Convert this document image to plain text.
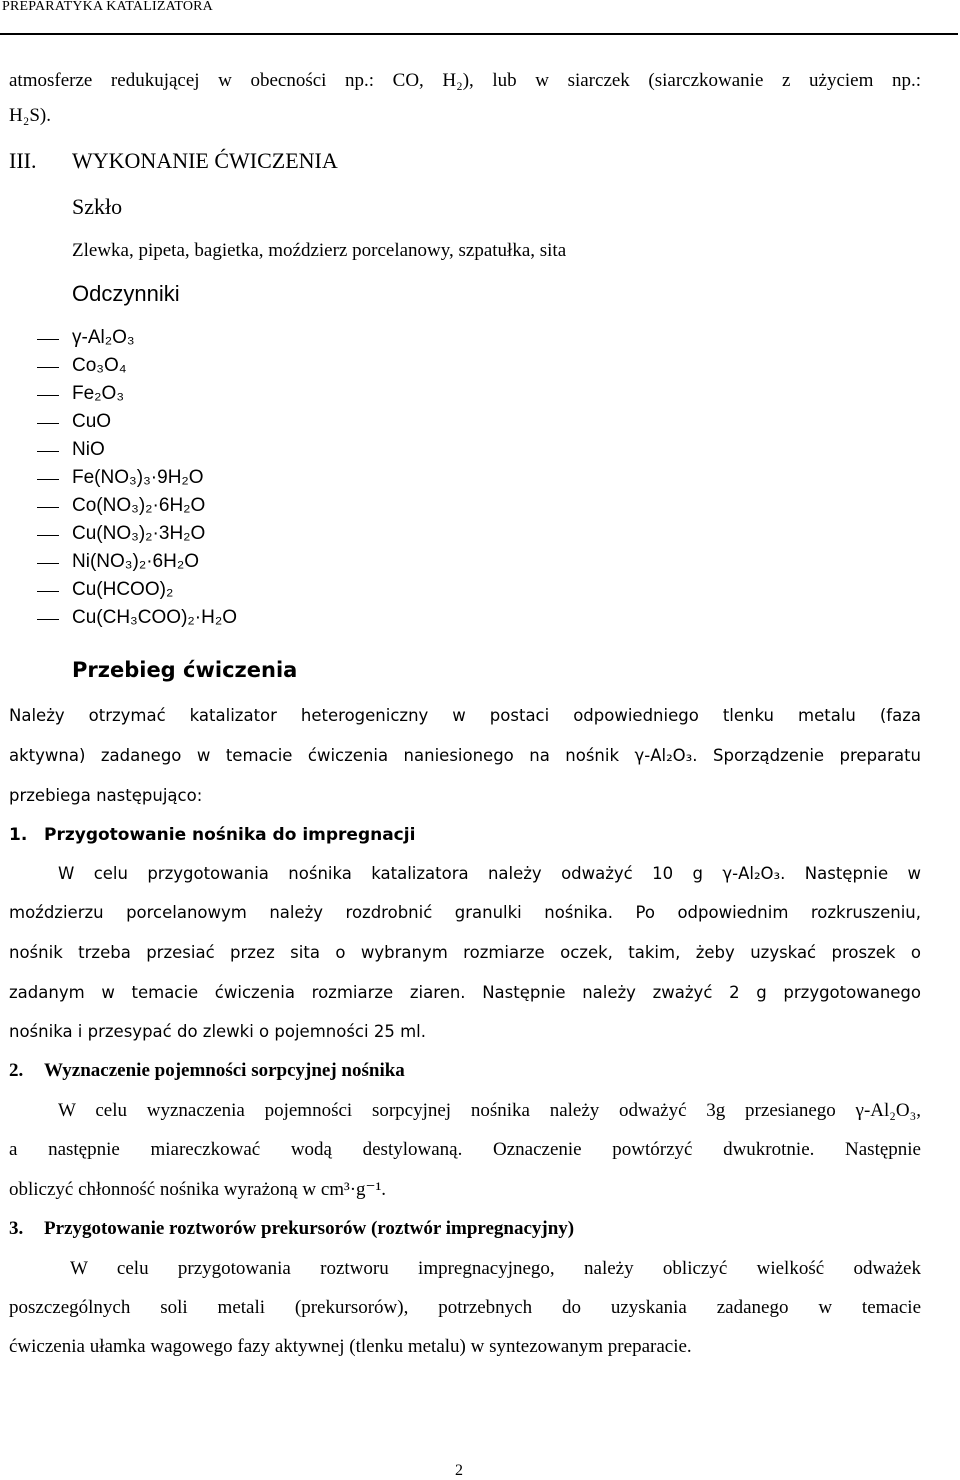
PREPARATYKA KATALIZATORA
atmosferze redukującej w obecności np.: CO, H₂), lub w siarczek (siarczkowanie z użyciem np.:
H₂S).
III. WYKONANIE ĆWICZENIA
Szkło
Zlewka, pipeta, bagietka, moździerz porcelanowy, szpatułka, sita
Odczynniki
γ-Al₂O₃
Co₃O₄
Fe₂O₃
CuO
NiO
Fe(NO₃)₃·9H₂O
Co(NO₃)₂·6H₂O
Cu(NO₃)₂·3H₂O
Ni(NO₃)₂·6H₂O
Cu(HCOO)₂
Cu(CH₃COO)₂·H₂O
Przebieg ćwiczenia
Należy otrzymać katalizator heterogeniczny w postaci odpowiedniego tlenku metalu (faza
aktywna) zadanego w temacie ćwiczenia naniesionego na nośnik γ-Al₂O₃. Sporządzenie preparatu
przebiega następująco:
1. Przygotowanie nośnika do impregnacji
W celu przygotowania nośnika katalizatora należy odważyć 10 g γ-Al₂O₃. Następnie w
moździerzu porcelanowym należy rozdrobnić granulki nośnika. Po odpowiednim rozkruszeniu,
nośnik trzeba przesiać przez sita o wybranym rozmiarze oczek, takim, żeby uzyskać proszek o
zadanym w temacie ćwiczenia rozmiarze ziaren. Następnie należy zważyć 2 g przygotowanego
nośnika i przesypać do zlewki o pojemności 25 ml.
2. Wyznaczenie pojemności sorpcyjnej nośnika
W celu wyznaczenia pojemności sorpcyjnej nośnika należy odważyć 3g przesianego γ-Al₂O₃,
a następnie miareczkować wodą destylowaną. Oznaczenie powtórzyć dwukrotnie. Następnie
obliczyć chłonność nośnika wyrażoną w cm³·g⁻¹.
3. Przygotowanie roztworów prekursorów (roztwór impregnacyjny)
W celu przygotowania roztworu impregnacyjnego, należy obliczyć wielkość odważek
poszczególnych soli metali (prekursorów), potrzebnych do uzyskania zadanego w temacie
ćwiczenia ułamka wagowego fazy aktywnej (tlenku metalu) w syntezowanym preparacie.
2
